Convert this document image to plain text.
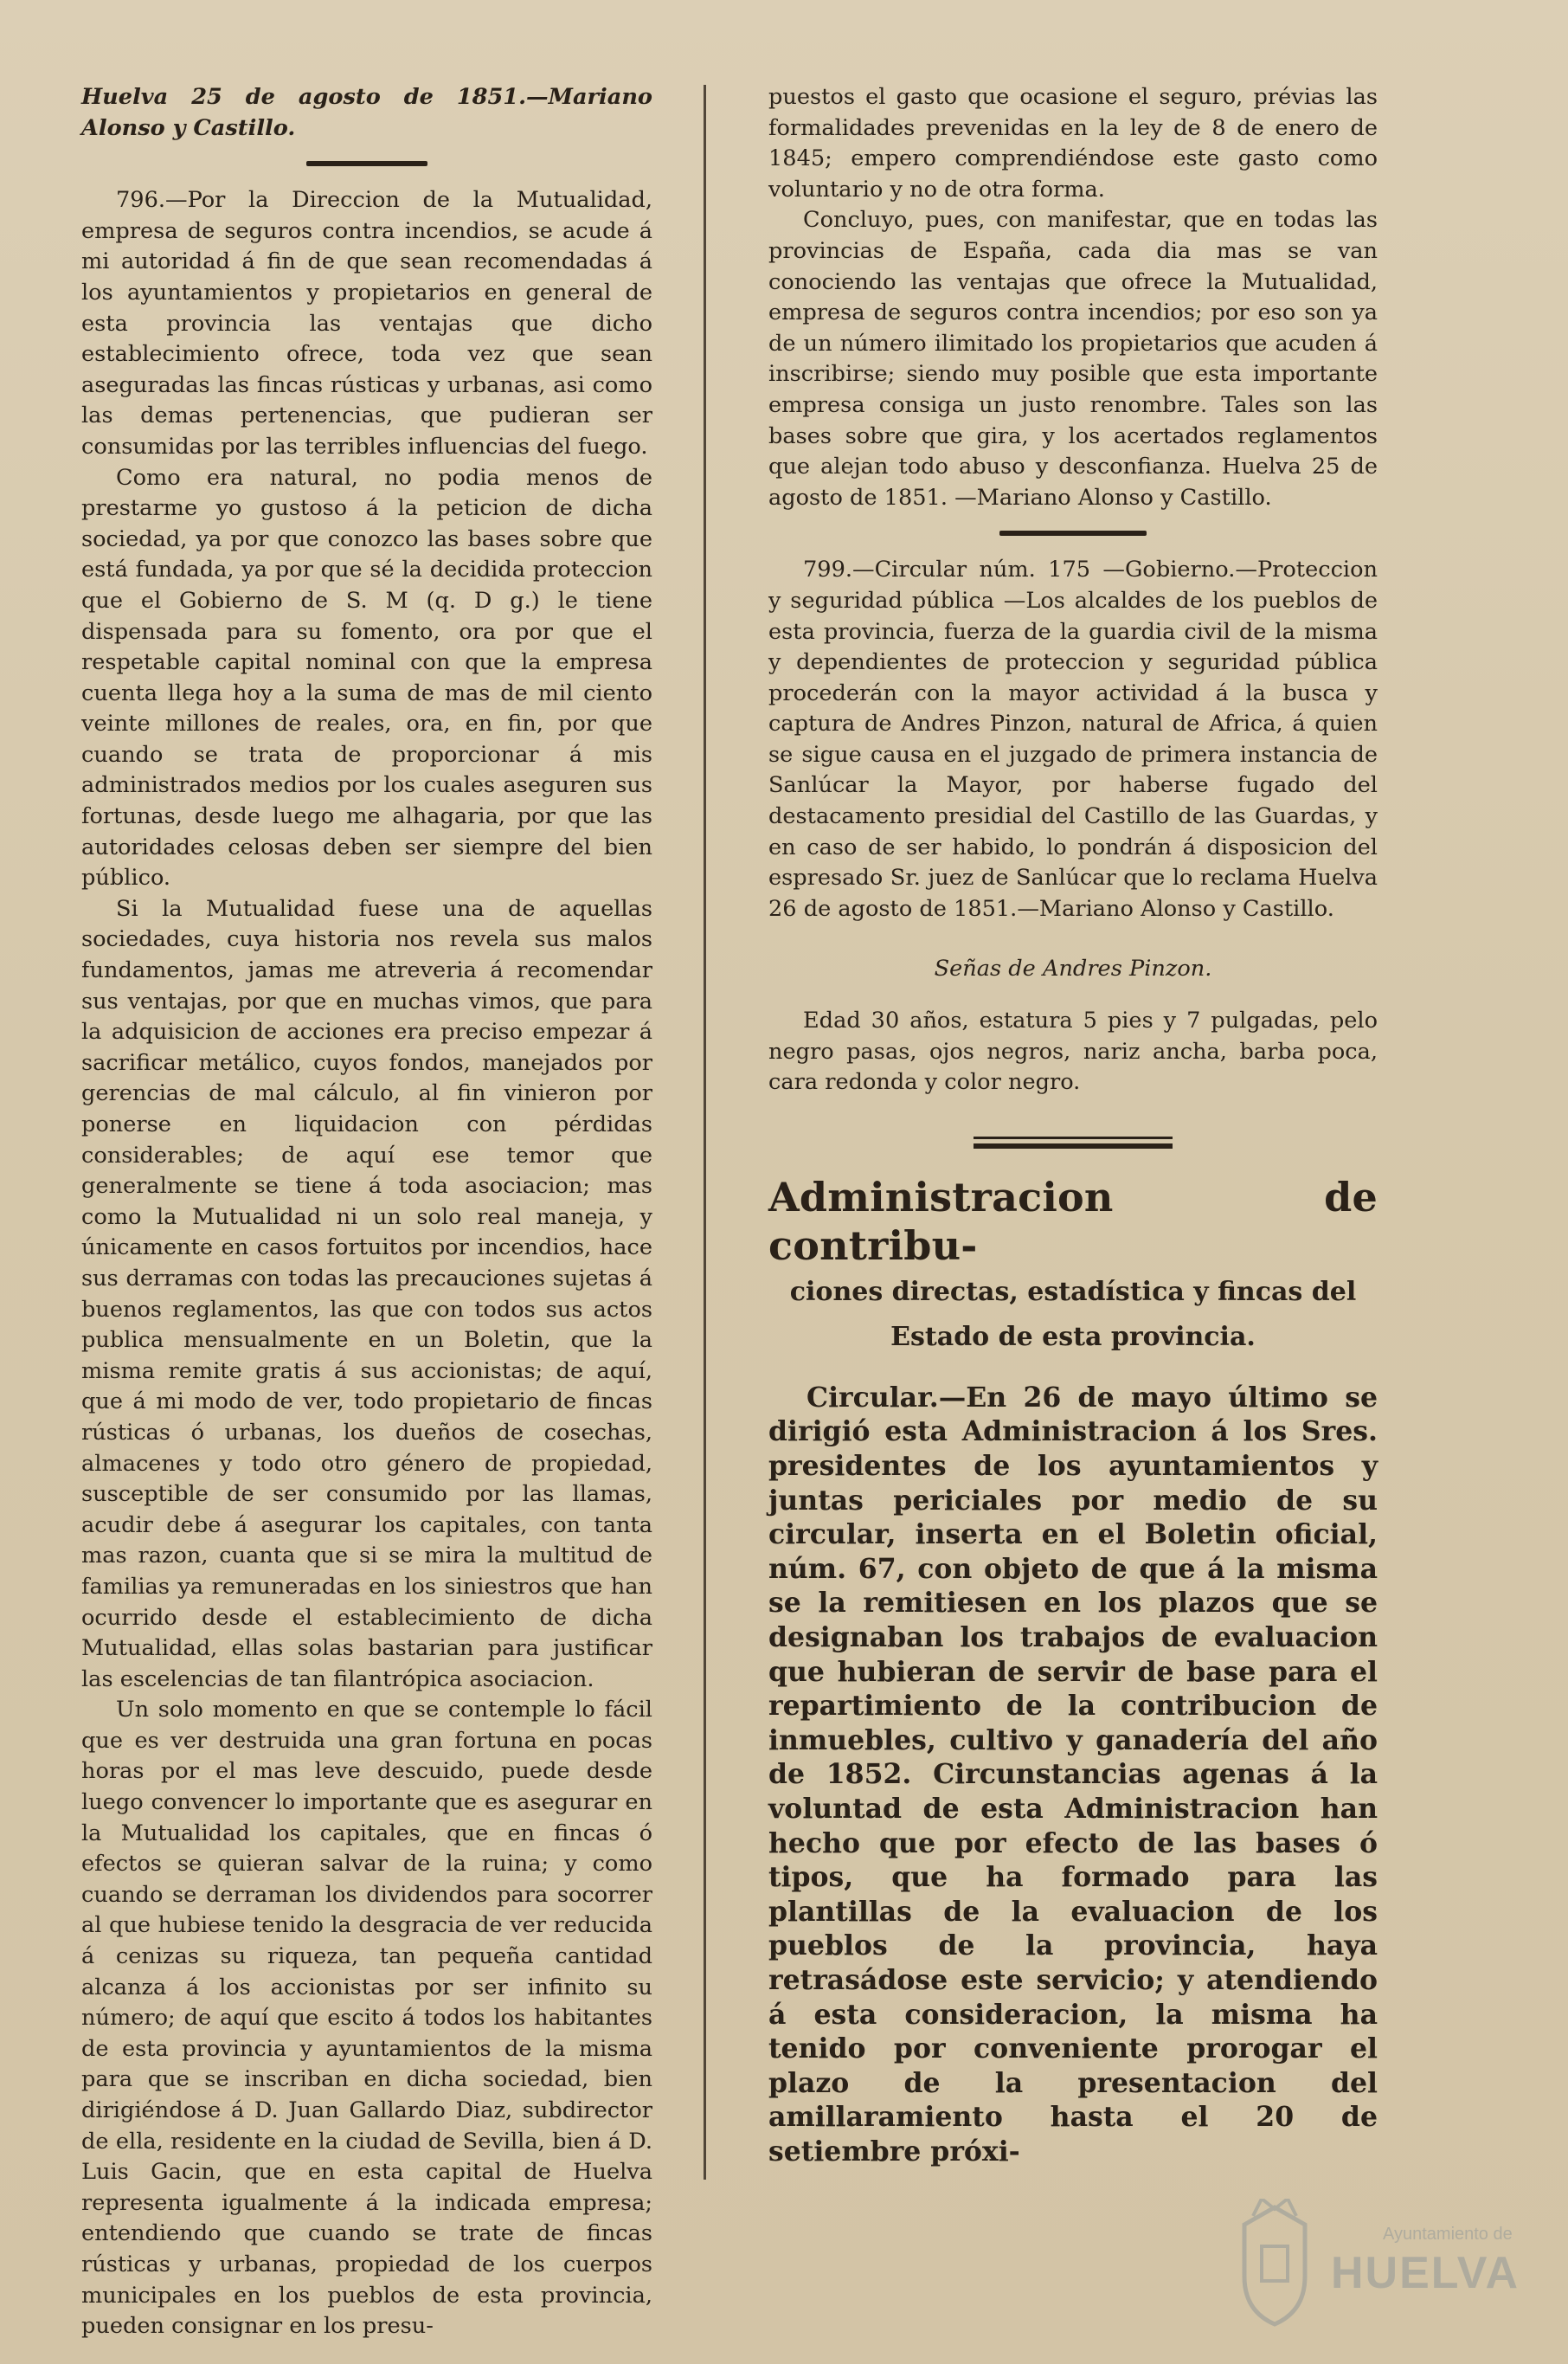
Huelva 25 de agosto de 1851.—Mariano Alonso y Castillo.

796.—Por la Direccion de la Mutualidad, empresa de seguros contra incendios, se acude á mi autoridad á fin de que sean recomendadas á los ayuntamientos y propietarios en general de esta provincia las ventajas que dicho establecimiento ofrece, toda vez que sean aseguradas las fincas rústicas y urbanas, asi como las demas pertenencias, que pudieran ser consumidas por las terribles influencias del fuego.

Como era natural, no podia menos de prestarme yo gustoso á la peticion de dicha sociedad, ya por que conozco las bases sobre que está fundada, ya por que sé la decidida proteccion que el Gobierno de S. M (q. D g.) le tiene dispensada para su fomento, ora por que el respetable capital nominal con que la empresa cuenta llega hoy a la suma de mas de mil ciento veinte millones de reales, ora, en fin, por que cuando se trata de proporcionar á mis administrados medios por los cuales aseguren sus fortunas, desde luego me alhagaria, por que las autoridades celosas deben ser siempre del bien público.

Si la Mutualidad fuese una de aquellas sociedades, cuya historia nos revela sus malos fundamentos, jamas me atreveria á recomendar sus ventajas, por que en muchas vimos, que para la adquisicion de acciones era preciso empezar á sacrificar metálico, cuyos fondos, manejados por gerencias de mal cálculo, al fin vinieron por ponerse en liquidacion con pérdidas considerables; de aquí ese temor que generalmente se tiene á toda asociacion; mas como la Mutualidad ni un solo real maneja, y únicamente en casos fortuitos por incendios, hace sus derramas con todas las precauciones sujetas á buenos reglamentos, las que con todos sus actos publica mensualmente en un Boletin, que la misma remite gratis á sus accionistas; de aquí, que á mi modo de ver, todo propietario de fincas rústicas ó urbanas, los dueños de cosechas, almacenes y todo otro género de propiedad, susceptible de ser consumido por las llamas, acudir debe á asegurar los capitales, con tanta mas razon, cuanta que si se mira la multitud de familias ya remuneradas en los siniestros que han ocurrido desde el establecimiento de dicha Mutualidad, ellas solas bastarian para justificar las escelencias de tan filantrópica asociacion.

Un solo momento en que se contemple lo fácil que es ver destruida una gran fortuna en pocas horas por el mas leve descuido, puede desde luego convencer lo importante que es asegurar en la Mutualidad los capitales, que en fincas ó efectos se quieran salvar de la ruina; y como cuando se derraman los dividendos para socorrer al que hubiese tenido la desgracia de ver reducida á cenizas su riqueza, tan pequeña cantidad alcanza á los accionistas por ser infinito su número; de aquí que escito á todos los habitantes de esta provincia y ayuntamientos de la misma para que se inscriban en dicha sociedad, bien dirigiéndose á D. Juan Gallardo Diaz, subdirector de ella, residente en la ciudad de Sevilla, bien á D. Luis Gacin, que en esta capital de Huelva representa igualmente á la indicada empresa; entendiendo que cuando se trate de fincas rústicas y urbanas, propiedad de los cuerpos municipales en los pueblos de esta provincia, pueden consignar en los presu-

puestos el gasto que ocasione el seguro, prévias las formalidades prevenidas en la ley de 8 de enero de 1845; empero comprendiéndose este gasto como voluntario y no de otra forma.

Concluyo, pues, con manifestar, que en todas las provincias de España, cada dia mas se van conociendo las ventajas que ofrece la Mutualidad, empresa de seguros contra incendios; por eso son ya de un número ilimitado los propietarios que acuden á inscribirse; siendo muy posible que esta importante empresa consiga un justo renombre. Tales son las bases sobre que gira, y los acertados reglamentos que alejan todo abuso y desconfianza. Huelva 25 de agosto de 1851. —Mariano Alonso y Castillo.

799.—Circular núm. 175 —Gobierno.—Proteccion y seguridad pública —Los alcaldes de los pueblos de esta provincia, fuerza de la guardia civil de la misma y dependientes de proteccion y seguridad pública procederán con la mayor actividad á la busca y captura de Andres Pinzon, natural de Africa, á quien se sigue causa en el juzgado de primera instancia de Sanlúcar la Mayor, por haberse fugado del destacamento presidial del Castillo de las Guardas, y en caso de ser habido, lo pondrán á disposicion del espresado Sr. juez de Sanlúcar que lo reclama Huelva 26 de agosto de 1851.—Mariano Alonso y Castillo.

Señas de Andres Pinzon.

Edad 30 años, estatura 5 pies y 7 pulgadas, pelo negro pasas, ojos negros, nariz ancha, barba poca, cara redonda y color negro.

Administracion de contribu-

ciones directas, estadística y fincas del Estado de esta provincia.

Circular.—En 26 de mayo último se dirigió esta Administracion á los Sres. presidentes de los ayuntamientos y juntas periciales por medio de su circular, inserta en el Boletin oficial, núm. 67, con objeto de que á la misma se la remitiesen en los plazos que se designaban los trabajos de evaluacion que hubieran de servir de base para el repartimiento de la contribucion de inmuebles, cultivo y ganadería del año de 1852. Circunstancias agenas á la voluntad de esta Administracion han hecho que por efecto de las bases ó tipos, que ha formado para las plantillas de la evaluacion de los pueblos de la provincia, haya retrasádose este servicio; y atendiendo á esta consideracion, la misma ha tenido por conveniente prorogar el plazo de la presentacion del amillaramiento hasta el 20 de setiembre próxi-

Ayuntamiento de
HUELVA
